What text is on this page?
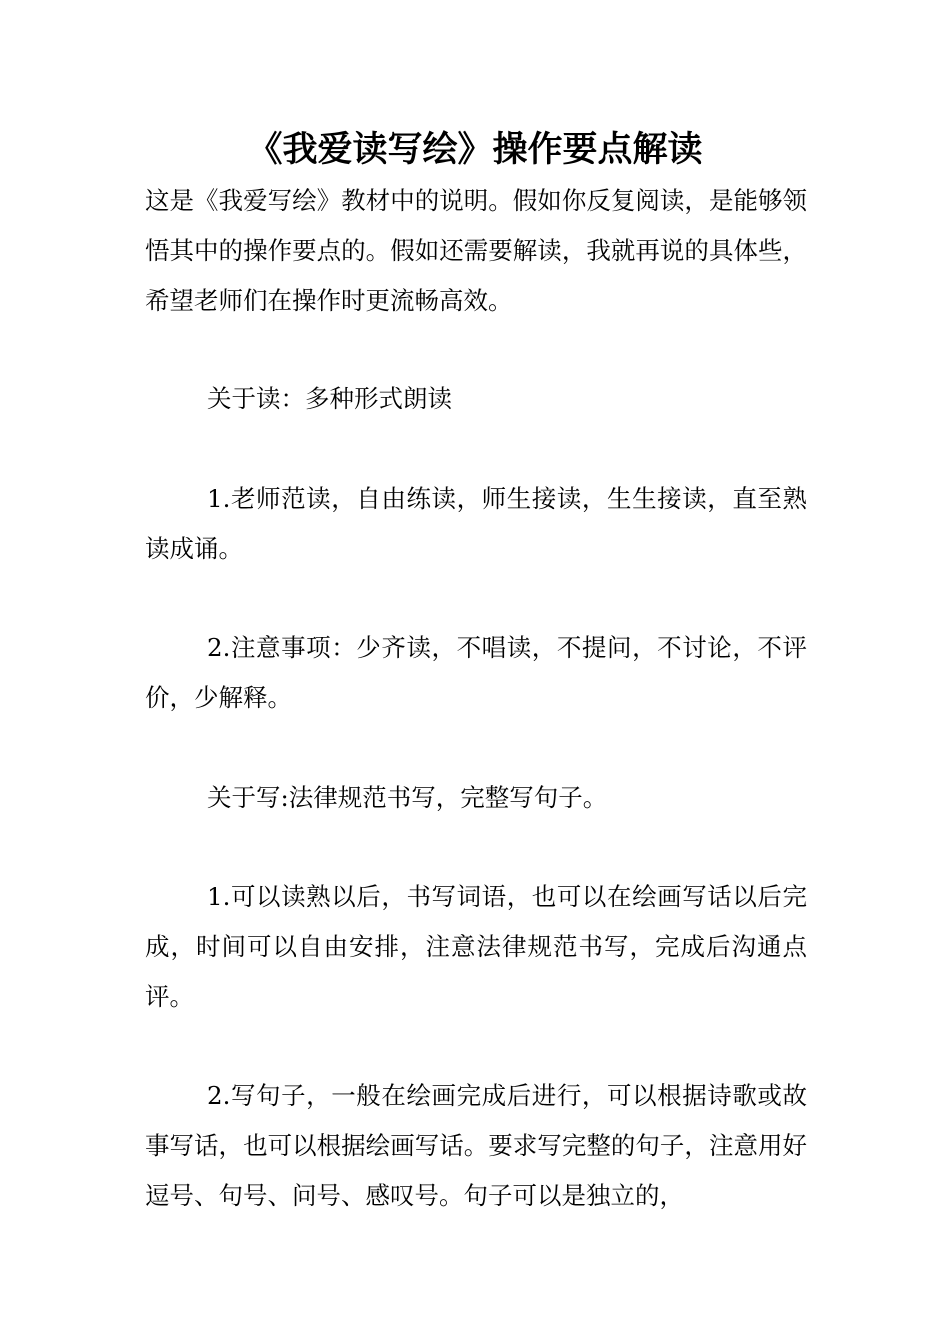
《我爱读写绘》操作要点解读

这是《我爱写绘》教材中的说明。假如你反复阅读，是能够领悟其中的操作要点的。假如还需要解读，我就再说的具体些，希望老师们在操作时更流畅高效。

关于读：多种形式朗读

1.老师范读，自由练读，师生接读，生生接读，直至熟读成诵。

2.注意事项：少齐读，不唱读，不提问，不讨论，不评价，少解释。

关于写:法律规范书写，完整写句子。

1.可以读熟以后，书写词语，也可以在绘画写话以后完成，时间可以自由安排，注意法律规范书写，完成后沟通点评。

2.写句子，一般在绘画完成后进行，可以根据诗歌或故事写话，也可以根据绘画写话。要求写完整的句子，注意用好逗号、句号、问号、感叹号。句子可以是独立的，
